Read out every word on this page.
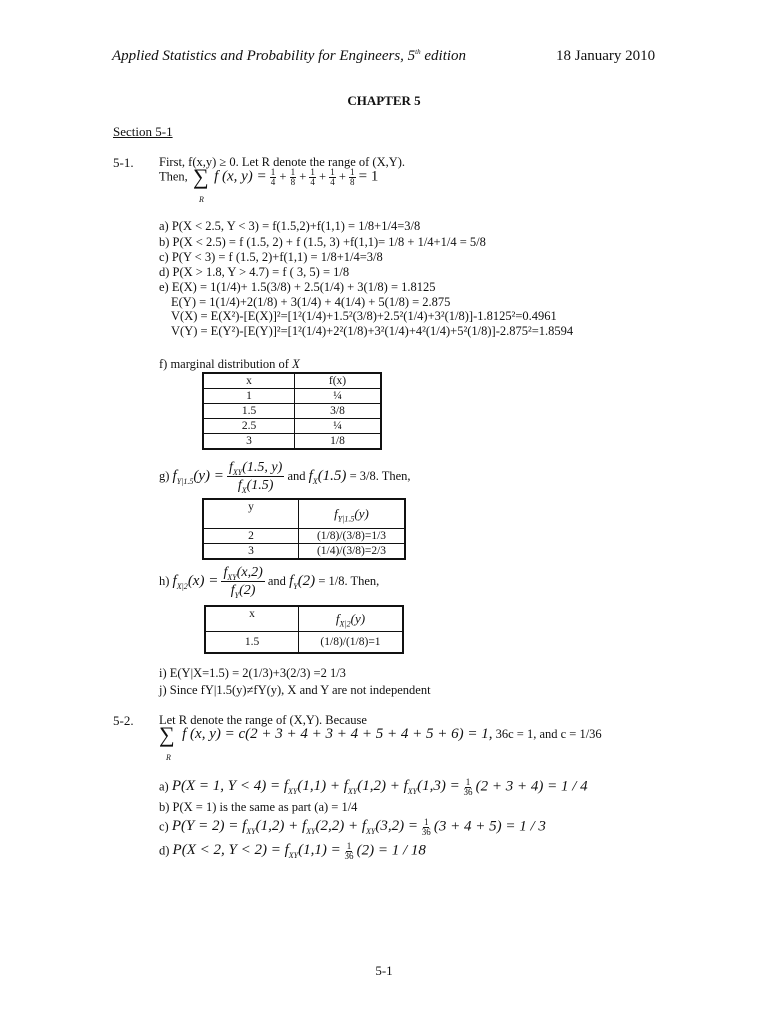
Applied Statistics and Probability for Engineers, 5th edition	18 January 2010
CHAPTER 5
Section 5-1
5-1. First, f(x,y) ≥ 0. Let R denote the range of (X,Y).
Then, ∑
R
f (x, $y) = \frac{1}{4} + \frac{1}{8} + \frac{1}{4} + \frac{1}{4} + \frac{1}{8} = 1$
a) P(X < 2.5, Y < 3) = f(1.5,2)+f(1,1) = 1/8+1/4=3/8
b) P(X < 2.5) = f (1.5, 2) + f (1.5, 3) +f(1,1)= 1/8 + 1/4+1/4 = 5/8
c) P(Y < 3) = f (1.5, 2)+f(1,1) = 1/8+1/4=3/8
d) P(X > 1.8, Y > 4.7) = f ( 3, 5) = 1/8
e) E(X) = 1(1/4)+ 1.5(3/8) + 2.5(1/4) + 3(1/8) = 1.8125
E(Y) = 1(1/4)+2(1/8) + 3(1/4) + 4(1/4) + 5(1/8) = 2.875
V(X) = E(X²)-[E(X)]²=[1²(1/4)+1.5²(3/8)+2.5²(1/4)+3²(1/8)]-1.8125²=0.4961
V(Y) = E(Y²)-[E(Y)]²=[1²(1/4)+2²(1/8)+3²(1/4)+4²(1/4)+5²(1/8)]-2.875²=1.8594
f) marginal distribution of X
x	f(x)
1	¼
1.5	3/8
2.5	¼
3	1/8
g) $f_{Y|1.5}(y)$ =
$f_{XY}(1.5$, y)
$f_X(1.5)$
and $f_X(1.5) = 3/8$. Then,
y	$f_{Y|1.5}(y)$
2	(1/8)/(3/8)=1/3
3	(1/4)/(3/8)=2/3
h) $f_{X|2}(x)$ =
$f_{XY}(x,2)$
$f_Y(2)$
and $f_Y(2) = 1/8$. Then,
x	$f_{X|2}(y)$
1.5	(1/8)/(1/8)=1
i) E(Y|X=1.5) = 2(1/3)+3(2/3) =2 1/3
j) Since fY|1.5(y)≠fY(y), X and Y are not independent
5-2. Let R denote the range of (X,Y). Because
∑
R
f (x, y) = c(2 + 3 + 4 + 3 + 4 + 5 + 4 + 5 + 6) = 1, 36c = 1, and c = 1/36
a) P(X = 1, $Y < 4) = f_{XY}(1,1) + f_{XY}(1,2) + f_{XY}(1,3) = \frac{1}{36} (2 + 3 + 4) = 1 / 4$
b) P(X = 1) is the same as part (a) = 1/4
c) $P(Y = 2) = f_{XY}(1,2) + f_{XY}(2,2) + f_{XY}(3,2) = \frac{1}{36} (3 + 4 + 5) = 1 / 3$
d) P(X < 2, $Y < 2) = f_{XY}(1,1) = \frac{1}{36} (2) = 1 / 18$
5-1
